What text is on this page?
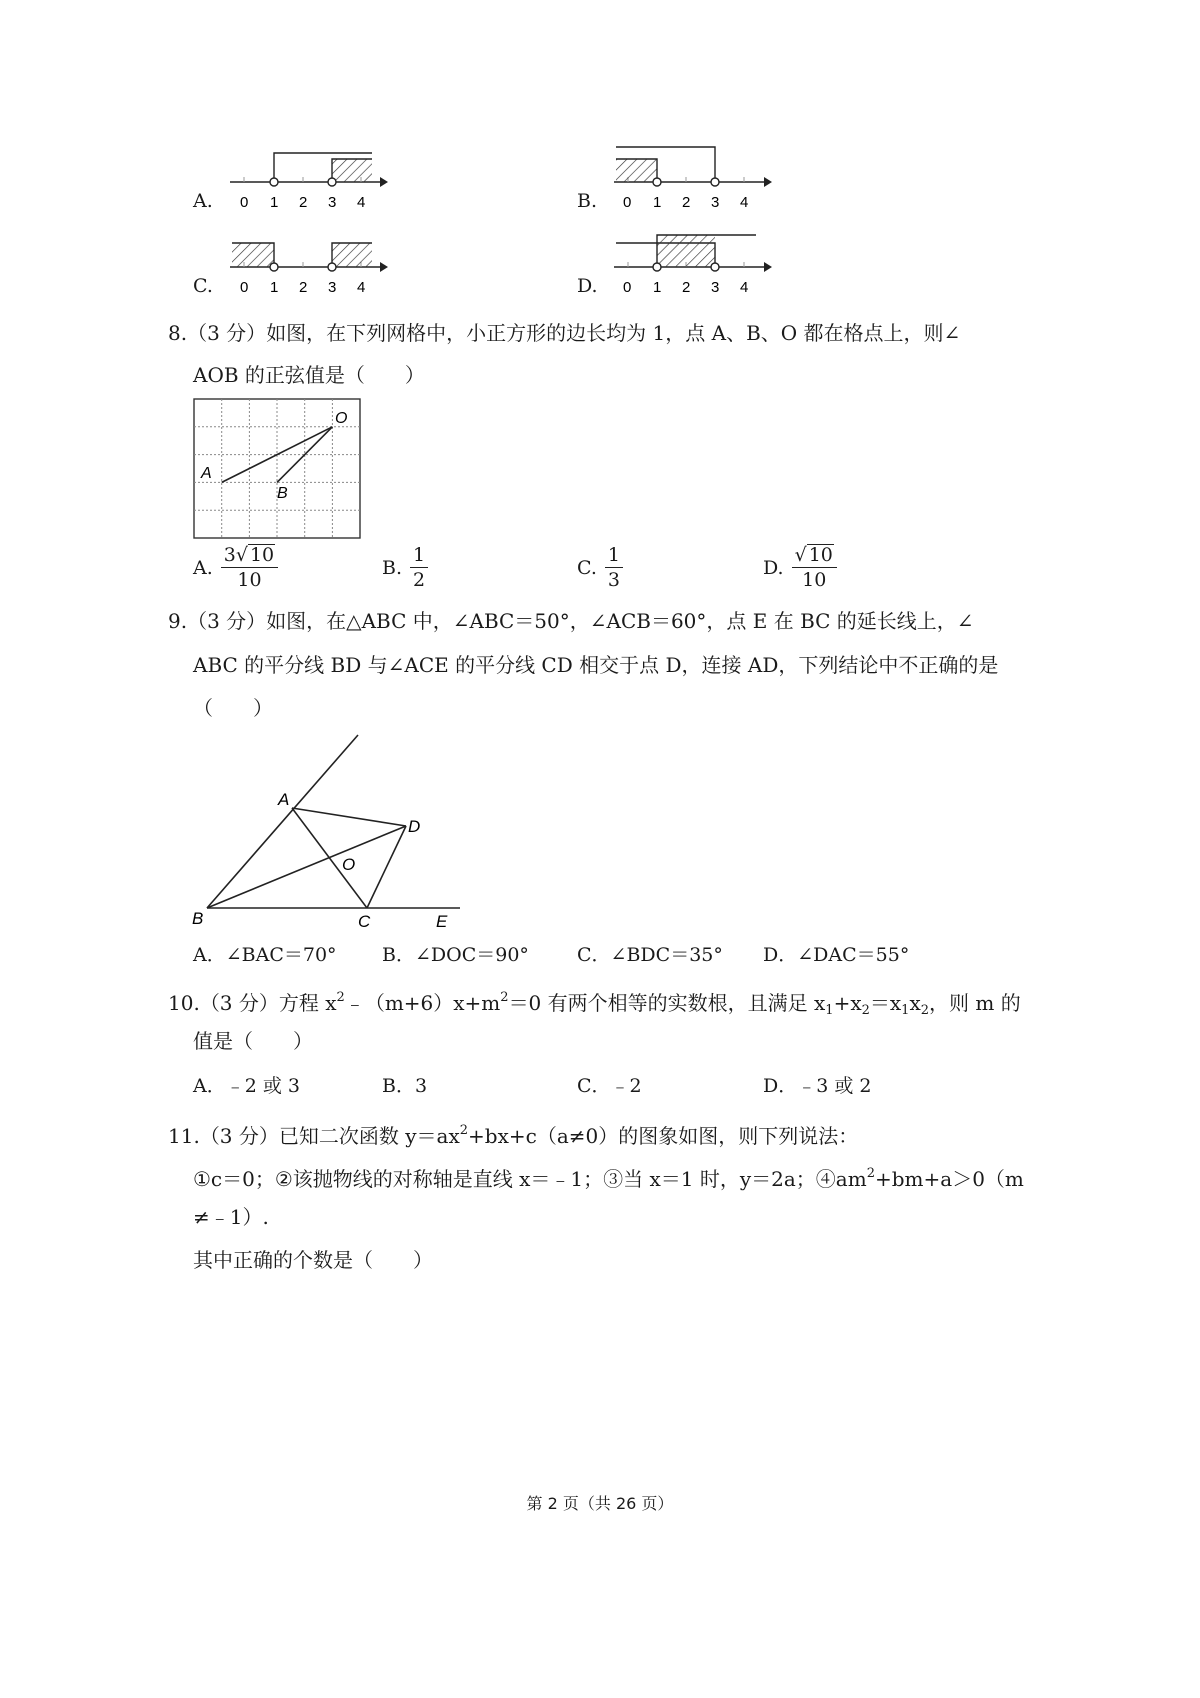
A. 0 1 2 3 4	B. 0 1 2 3 4
C. 0 1 2 3 4	D. 0 1 2 3 4
8.（3 分）如图，在下列网格中，小正方形的边长均为 1，点 A、B、O 都在格点上，则∠
AOB 的正弦值是（　　）
A
B
O
A. $\frac{3√ 10}{10}$	B. $\frac{1}{2}$	C. $\frac{1}{3}$	D. $\frac{√ 10}{10}$
9.（3 分）如图，在△ABC 中，∠ABC＝50°，∠ACB＝60°，点 E 在 BC 的延长线上，∠
ABC 的平分线 BD 与∠ACE 的平分线 CD 相交于点 D，连接 AD，下列结论中不正确的是
（　　）
A
B	C
D
E
O
A．∠BAC＝70° B．∠DOC＝90°	C．∠BDC＝35° D．∠DAC＝55°
10.（3 分）方程 $x^2﹣(m+6)x+m^2=0$ 有两个相等的实数根，且满足 $x_1+x_2=x_1x_2$，则 m 的
值是（　　）
A．﹣2 或 3	B．3	C．﹣2	D．﹣3 或 2
11.（3 分）已知二次函数 $y=ax^2+bx+c(a\ne 0)$的图象如图，则下列说法：
①c＝0；②该抛物线的对称轴是直线 x＝﹣1；③当 x＝1 时，y＝2a；$④am^2+bm+a>0(m$
≠﹣1）.
其中正确的个数是（　　）
第 2 页（共 26 页）
